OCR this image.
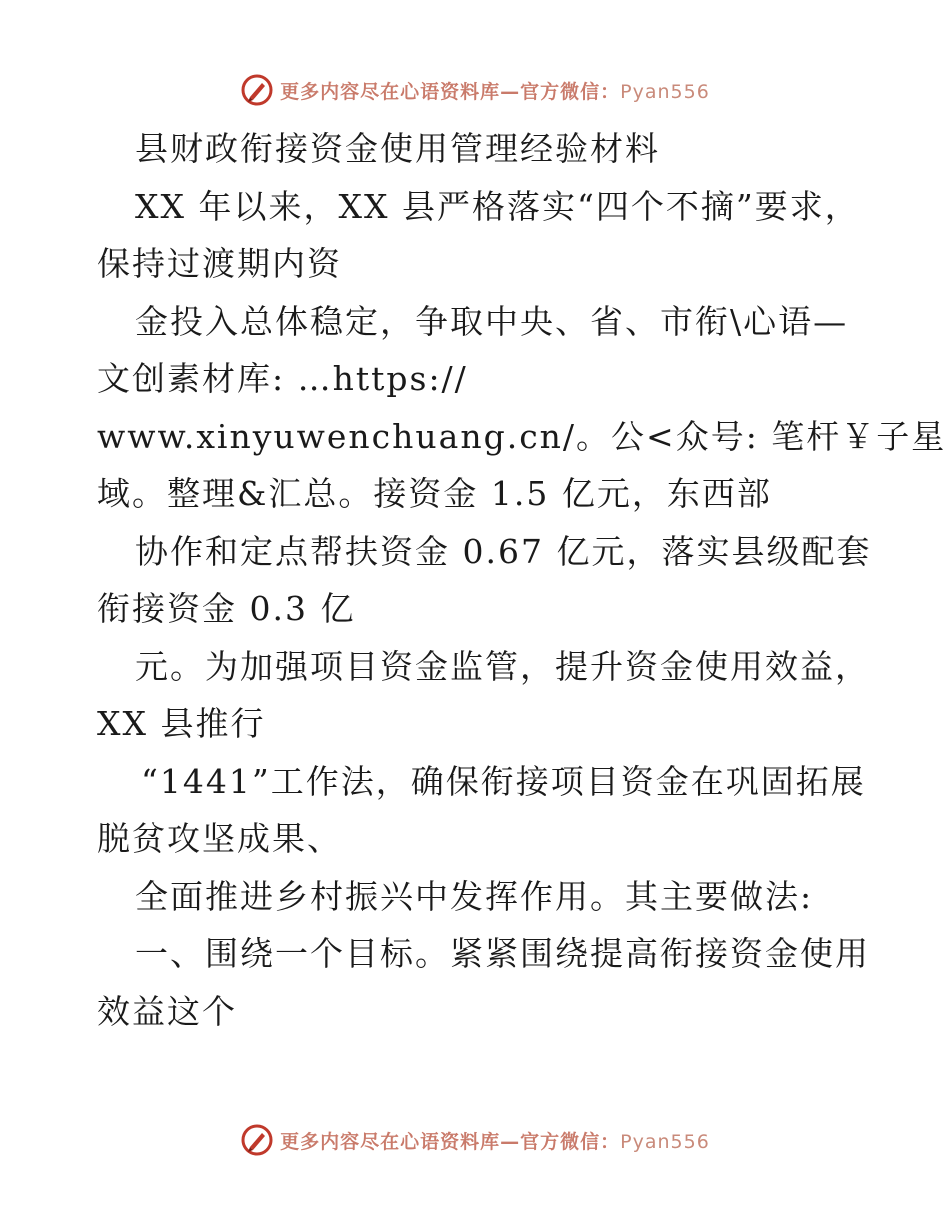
更多内容尽在心语资料库—官方微信：Pyan556
县财政衔接资金使用管理经验材料
XX 年以来，XX 县严格落实“四个不摘”要求，
保持过渡期内资
金投入总体稳定，争取中央、省、市衔\心语—
文创素材库: …https://
www.xinyuwenchuang.cn/。公<众号: 笔杆￥子星
域。整理&汇总。接资金 1.5 亿元，东西部
协作和定点帮扶资金 0.67 亿元，落实县级配套
衔接资金 0.3 亿
元。为加强项目资金监管，提升资金使用效益，
XX 县推行
“1441”工作法，确保衔接项目资金在巩固拓展
脱贫攻坚成果、
全面推进乡村振兴中发挥作用。其主要做法:
一、围绕一个目标。紧紧围绕提高衔接资金使用
效益这个
更多内容尽在心语资料库—官方微信：Pyan556
